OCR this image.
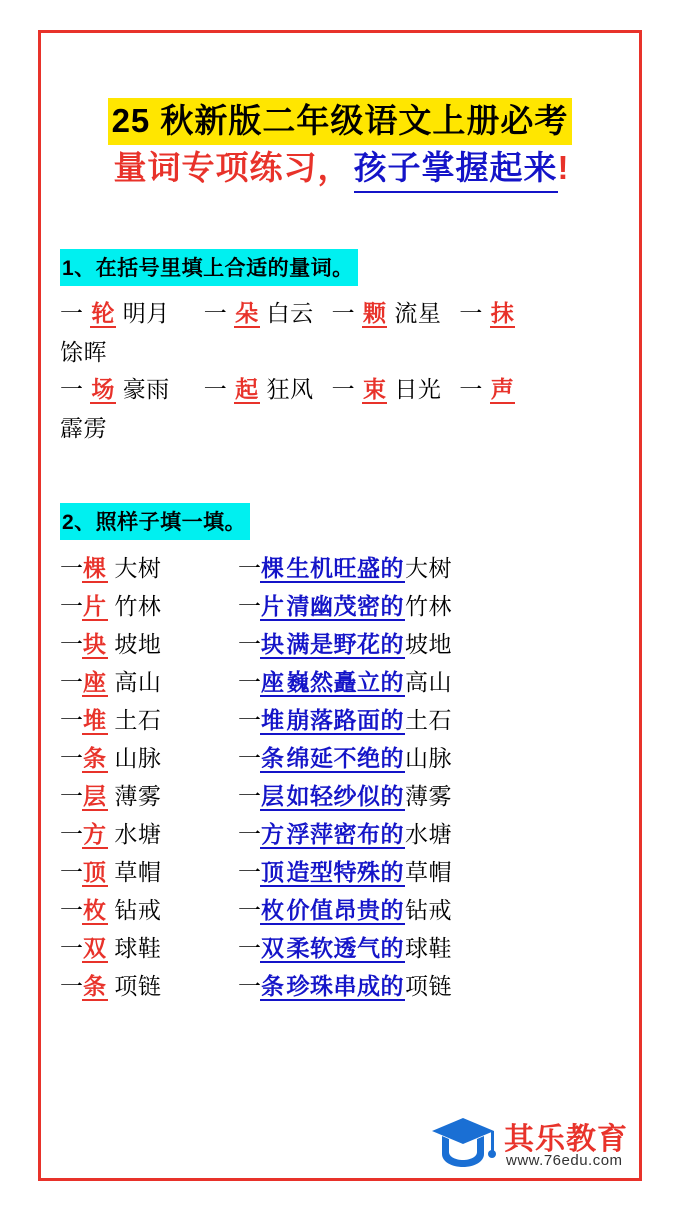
25 秋新版二年级语文上册必考
量词专项练习，孩子掌握起来!
1、在括号里填上合适的量词。
一 轮 明月 一 朵 白云 一 颗 流星 一 抹
馀晖
一 场 豪雨 一 起 狂风 一 束 日光 一 声
霹雳
2、照样子填一填。
一棵 大树	一棵生机旺盛的大树
一片 竹林	一片清幽茂密的竹林
一块 坡地	一块满是野花的坡地
一座 高山	一座巍然矗立的高山
一堆 土石	一堆崩落路面的土石
一条 山脉	一条绵延不绝的山脉
一层 薄雾	一层如轻纱似的薄雾
一方 水塘	一方浮萍密布的水塘
一顶 草帽	一顶造型特殊的草帽
一枚 钻戒	一枚价值昂贵的钻戒
一双 球鞋	一双柔软透气的球鞋
一条 项链	一条珍珠串成的项链
其乐教育
www.76edu.com
